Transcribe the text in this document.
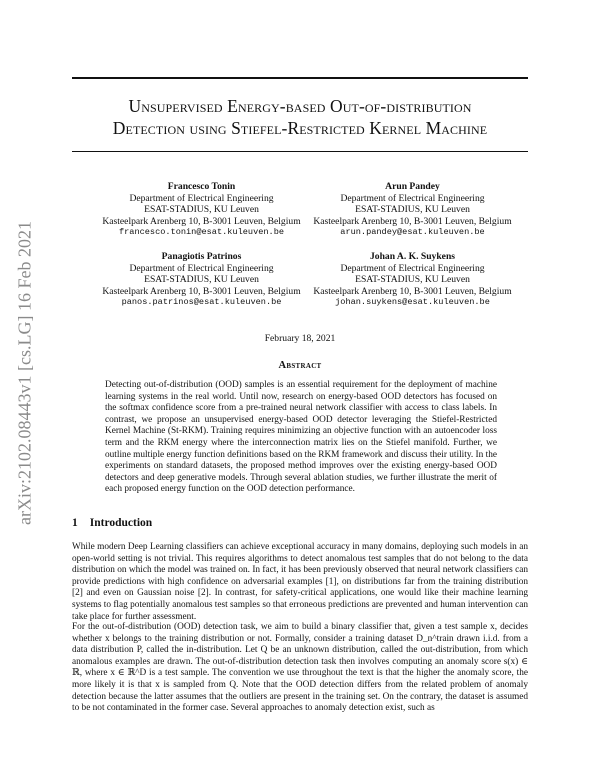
arXiv:2102.08443v1 [cs.LG] 16 Feb 2021
Unsupervised Energy-based Out-of-distribution
Detection using Stiefel-Restricted Kernel Machine
Francesco Tonin
Department of Electrical Engineering
ESAT-STADIUS, KU Leuven
Kasteelpark Arenberg 10, B-3001 Leuven, Belgium
francesco.tonin@esat.kuleuven.be
Arun Pandey
Department of Electrical Engineering
ESAT-STADIUS, KU Leuven
Kasteelpark Arenberg 10, B-3001 Leuven, Belgium
arun.pandey@esat.kuleuven.be
Panagiotis Patrinos
Department of Electrical Engineering
ESAT-STADIUS, KU Leuven
Kasteelpark Arenberg 10, B-3001 Leuven, Belgium
panos.patrinos@esat.kuleuven.be
Johan A. K. Suykens
Department of Electrical Engineering
ESAT-STADIUS, KU Leuven
Kasteelpark Arenberg 10, B-3001 Leuven, Belgium
johan.suykens@esat.kuleuven.be
February 18, 2021
Abstract
Detecting out-of-distribution (OOD) samples is an essential requirement for the deployment of machine learning systems in the real world. Until now, research on energy-based OOD detectors has focused on the softmax confidence score from a pre-trained neural network classifier with access to class labels. In contrast, we propose an unsupervised energy-based OOD detector leveraging the Stiefel-Restricted Kernel Machine (St-RKM). Training requires minimizing an objective function with an autoencoder loss term and the RKM energy where the interconnection matrix lies on the Stiefel manifold. Further, we outline multiple energy function definitions based on the RKM framework and discuss their utility. In the experiments on standard datasets, the proposed method improves over the existing energy-based OOD detectors and deep generative models. Through several ablation studies, we further illustrate the merit of each proposed energy function on the OOD detection performance.
1 Introduction
While modern Deep Learning classifiers can achieve exceptional accuracy in many domains, deploying such models in an open-world setting is not trivial. This requires algorithms to detect anomalous test samples that do not belong to the data distribution on which the model was trained on. In fact, it has been previously observed that neural network classifiers can provide predictions with high confidence on adversarial examples [1], on distributions far from the training distribution [2] and even on Gaussian noise [2]. In contrast, for safety-critical applications, one would like their machine learning systems to flag potentially anomalous test samples so that erroneous predictions are prevented and human intervention can take place for further assessment.
For the out-of-distribution (OOD) detection task, we aim to build a binary classifier that, given a test sample x, decides whether x belongs to the training distribution or not. Formally, consider a training dataset D_n^train drawn i.i.d. from a data distribution P, called the in-distribution. Let Q be an unknown distribution, called the out-distribution, from which anomalous examples are drawn. The out-of-distribution detection task then involves computing an anomaly score s(x) ∈ ℝ, where x ∈ ℝ^D is a test sample. The convention we use throughout the text is that the higher the anomaly score, the more likely it is that x is sampled from Q. Note that the OOD detection differs from the related problem of anomaly detection because the latter assumes that the outliers are present in the training set. On the contrary, the dataset is assumed to be not contaminated in the former case. Several approaches to anomaly detection exist, such as
